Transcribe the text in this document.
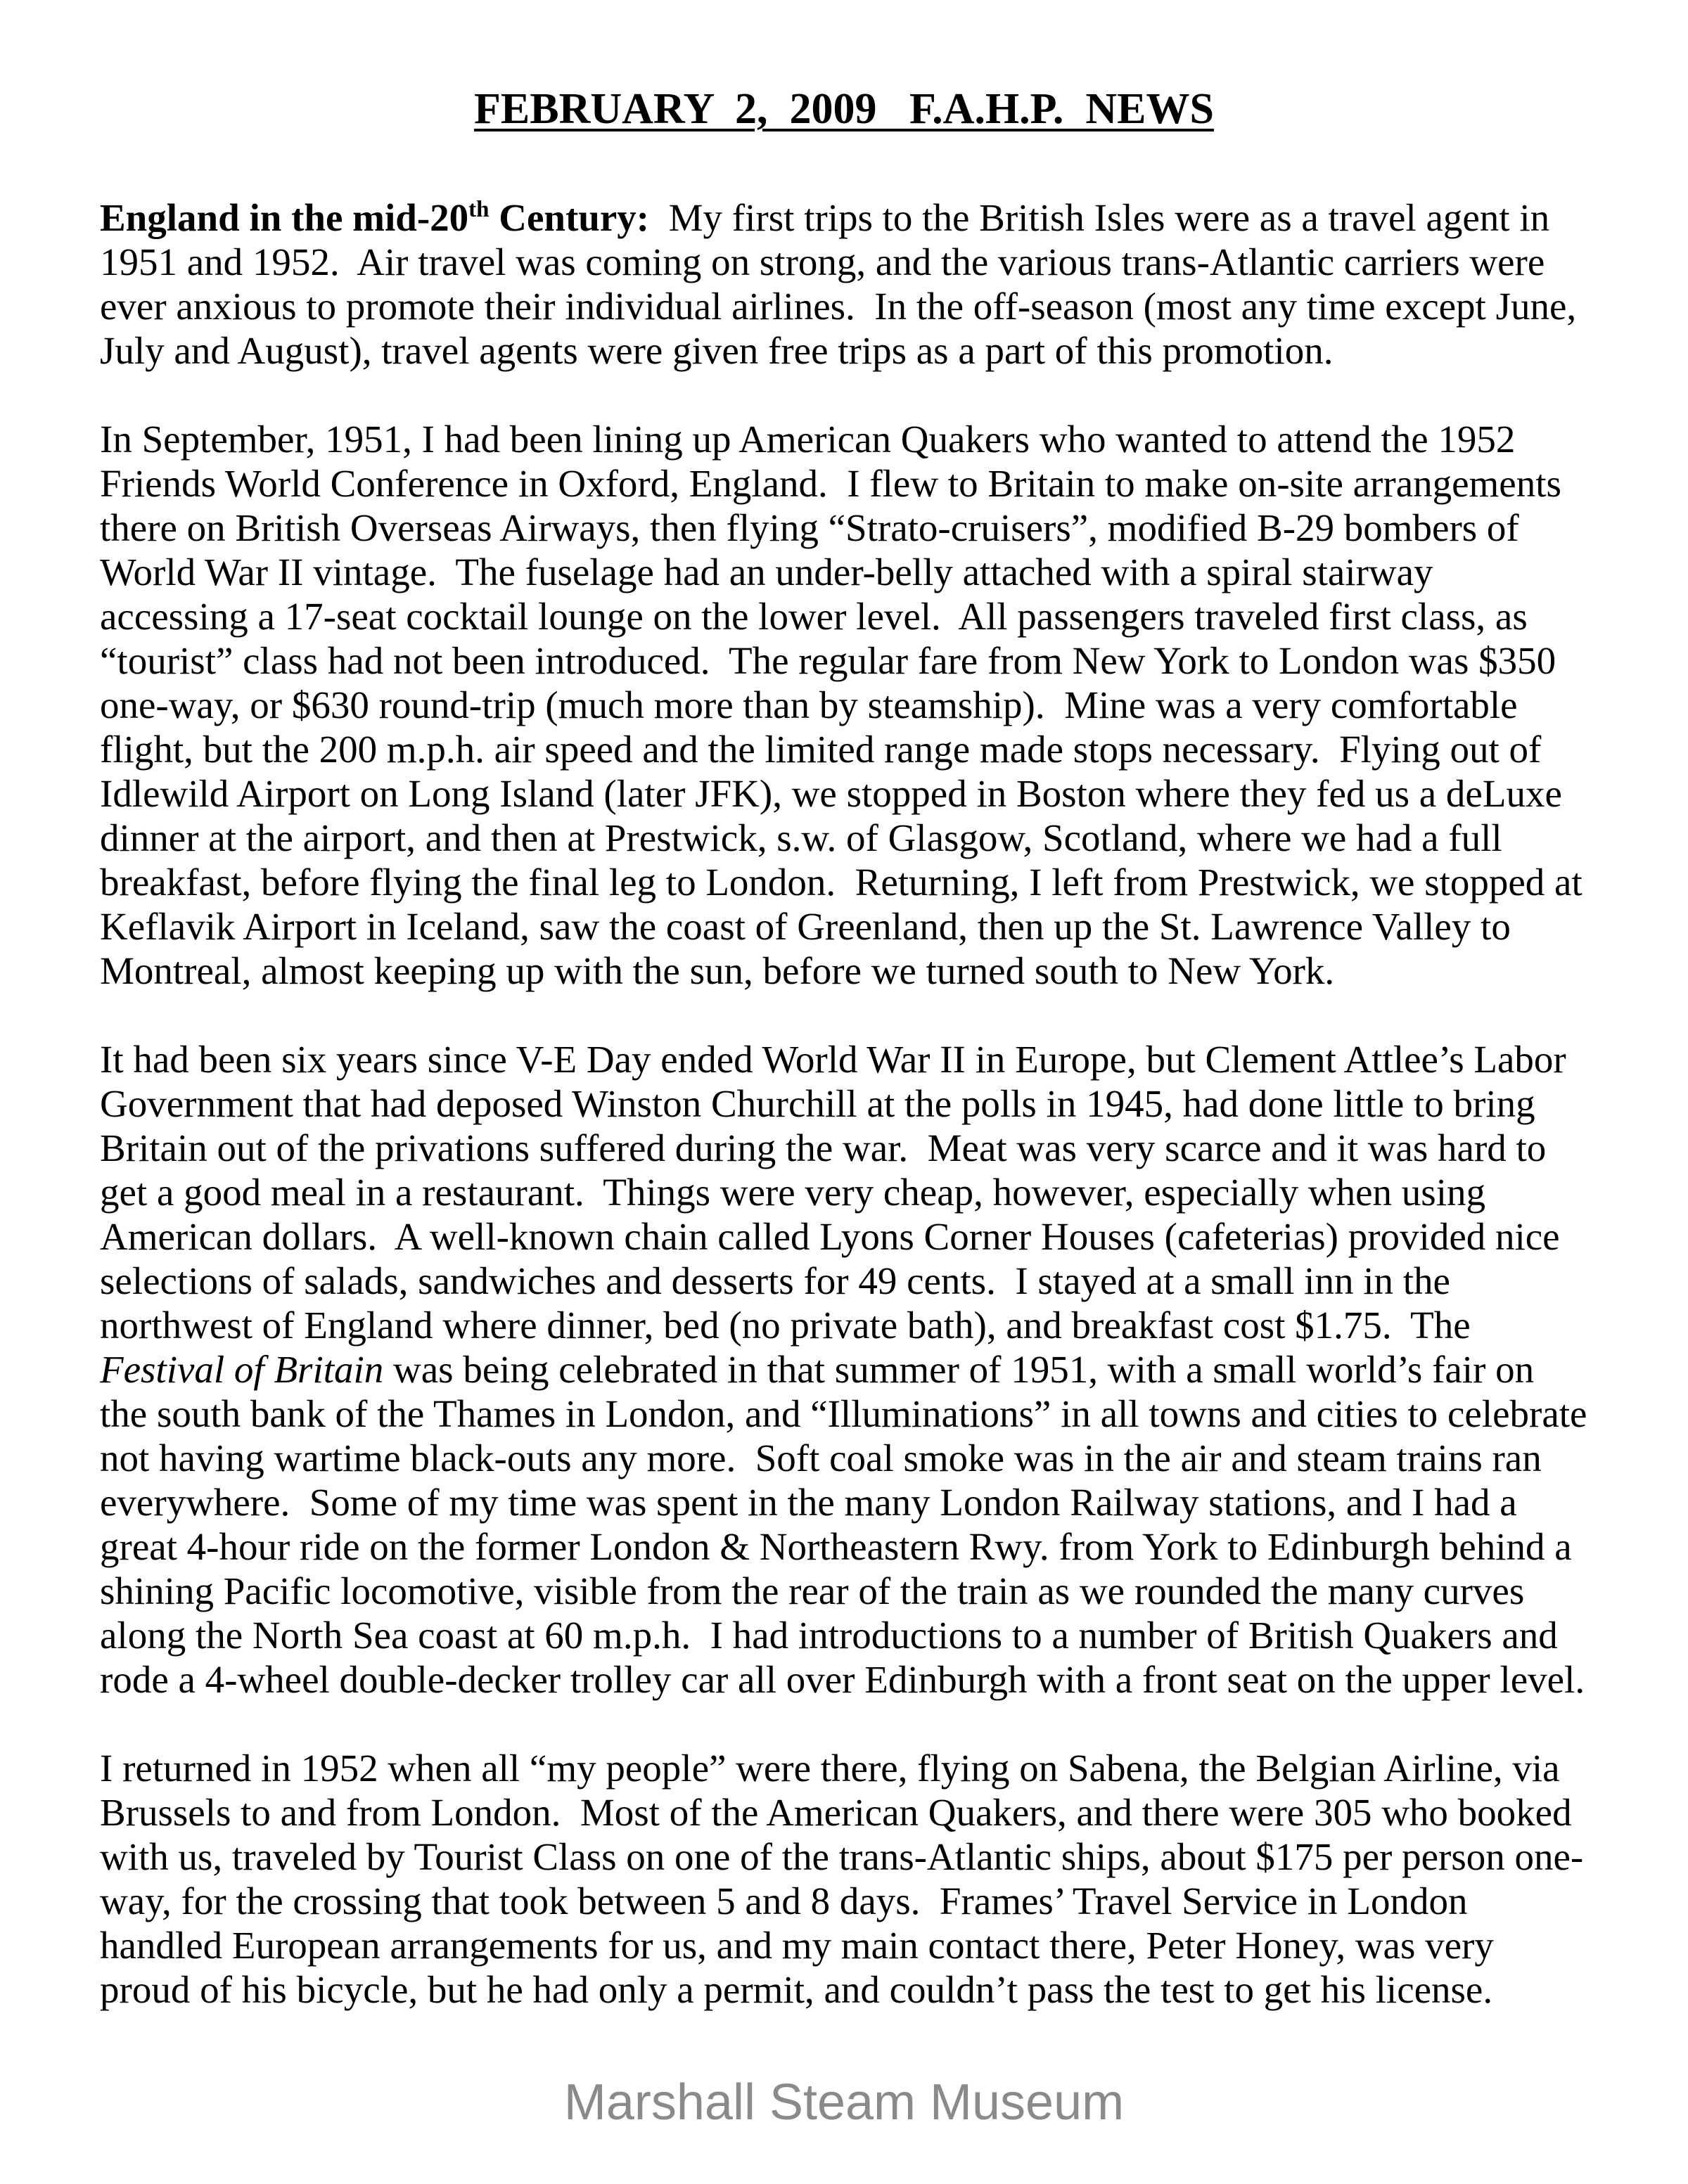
FEBRUARY  2,  2009   F.A.H.P.  NEWS
England in the mid-20th Century:  My first trips to the British Isles were as a travel agent in
1951 and 1952.  Air travel was coming on strong, and the various trans-Atlantic carriers were
ever anxious to promote their individual airlines.  In the off-season (most any time except June,
July and August), travel agents were given free trips as a part of this promotion.
In September, 1951, I had been lining up American Quakers who wanted to attend the 1952
Friends World Conference in Oxford, England.  I flew to Britain to make on-site arrangements
there on British Overseas Airways, then flying “Strato-cruisers”, modified B-29 bombers of
World War II vintage.  The fuselage had an under-belly attached with a spiral stairway
accessing a 17-seat cocktail lounge on the lower level.  All passengers traveled first class, as
“tourist” class had not been introduced.  The regular fare from New York to London was $350
one-way, or $630 round-trip (much more than by steamship).  Mine was a very comfortable
flight, but the 200 m.p.h. air speed and the limited range made stops necessary.  Flying out of
Idlewild Airport on Long Island (later JFK), we stopped in Boston where they fed us a deLuxe
dinner at the airport, and then at Prestwick, s.w. of Glasgow, Scotland, where we had a full
breakfast, before flying the final leg to London.  Returning, I left from Prestwick, we stopped at
Keflavik Airport in Iceland, saw the coast of Greenland, then up the St. Lawrence Valley to
Montreal, almost keeping up with the sun, before we turned south to New York.
It had been six years since V-E Day ended World War II in Europe, but Clement Attlee’s Labor
Government that had deposed Winston Churchill at the polls in 1945, had done little to bring
Britain out of the privations suffered during the war.  Meat was very scarce and it was hard to
get a good meal in a restaurant.  Things were very cheap, however, especially when using
American dollars.  A well-known chain called Lyons Corner Houses (cafeterias) provided nice
selections of salads, sandwiches and desserts for 49 cents.  I stayed at a small inn in the
northwest of England where dinner, bed (no private bath), and breakfast cost $1.75.  The
Festival of Britain was being celebrated in that summer of 1951, with a small world’s fair on
the south bank of the Thames in London, and “Illuminations” in all towns and cities to celebrate
not having wartime black-outs any more.  Soft coal smoke was in the air and steam trains ran
everywhere.  Some of my time was spent in the many London Railway stations, and I had a
great 4-hour ride on the former London & Northeastern Rwy. from York to Edinburgh behind a
shining Pacific locomotive, visible from the rear of the train as we rounded the many curves
along the North Sea coast at 60 m.p.h.  I had introductions to a number of British Quakers and
rode a 4-wheel double-decker trolley car all over Edinburgh with a front seat on the upper level.
I returned in 1952 when all “my people” were there, flying on Sabena, the Belgian Airline, via
Brussels to and from London.  Most of the American Quakers, and there were 305 who booked
with us, traveled by Tourist Class on one of the trans-Atlantic ships, about $175 per person one-
way, for the crossing that took between 5 and 8 days.  Frames’ Travel Service in London
handled European arrangements for us, and my main contact there, Peter Honey, was very
proud of his bicycle, but he had only a permit, and couldn’t pass the test to get his license.
Marshall Steam Museum
